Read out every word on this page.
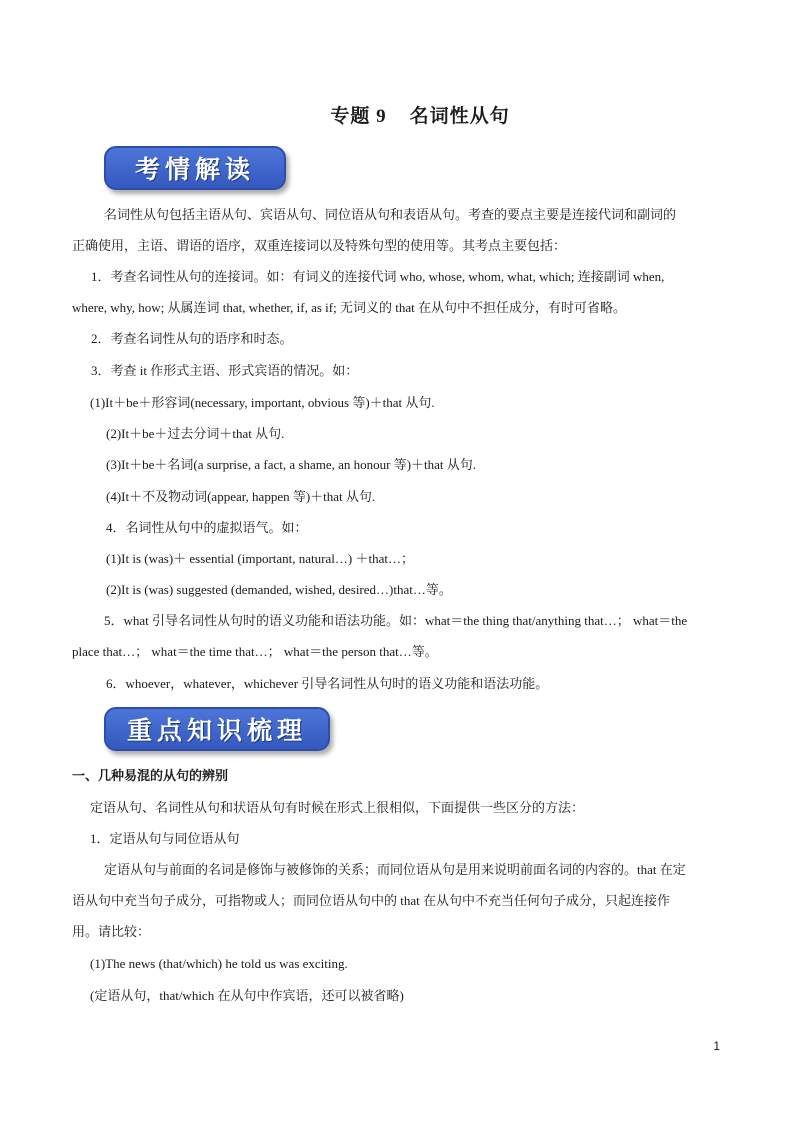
专题 9    名词性从句
考情解读
名词性从句包括主语从句、宾语从句、同位语从句和表语从句。考查的要点主要是连接代词和副词的
正确使用，主语、谓语的语序，双重连接词以及特殊句型的使用等。其考点主要包括：
1．考查名词性从句的连接词。如：有词义的连接代词 who, whose, whom, what, which; 连接副词 when,
where, why, how; 从属连词 that, whether, if, as if; 无词义的 that 在从句中不担任成分，有时可省略。
2．考查名词性从句的语序和时态。
3．考查 it 作形式主语、形式宾语的情况。如：
(1)It＋be＋形容词(necessary, important, obvious 等)＋that 从句.
(2)It＋be＋过去分词＋that 从句.
(3)It＋be＋名词(a surprise, a fact, a shame, an honour 等)＋that 从句.
(4)It＋不及物动词(appear, happen 等)＋that 从句.
4．名词性从句中的虚拟语气。如：
(1)It is (was)＋ essential (important, natural…) ＋that…；
(2)It is (was) suggested (demanded, wished, desired…)that…等。
5．what 引导名词性从句时的语义功能和语法功能。如：what＝the thing that/anything that…； what＝the
place that…； what＝the time that…； what＝the person that…等。
6．whoever，whatever，whichever 引导名词性从句时的语义功能和语法功能。
重点知识梳理
一、几种易混的从句的辨别
定语从句、名词性从句和状语从句有时候在形式上很相似，下面提供一些区分的方法：
1．定语从句与同位语从句
定语从句与前面的名词是修饰与被修饰的关系；而同位语从句是用来说明前面名词的内容的。that 在定
语从句中充当句子成分，可指物或人；而同位语从句中的 that 在从句中不充当任何句子成分，只起连接作
用。请比较：
(1)The news (that/which) he told us was exciting.
(定语从句，that/which 在从句中作宾语，还可以被省略)
1
